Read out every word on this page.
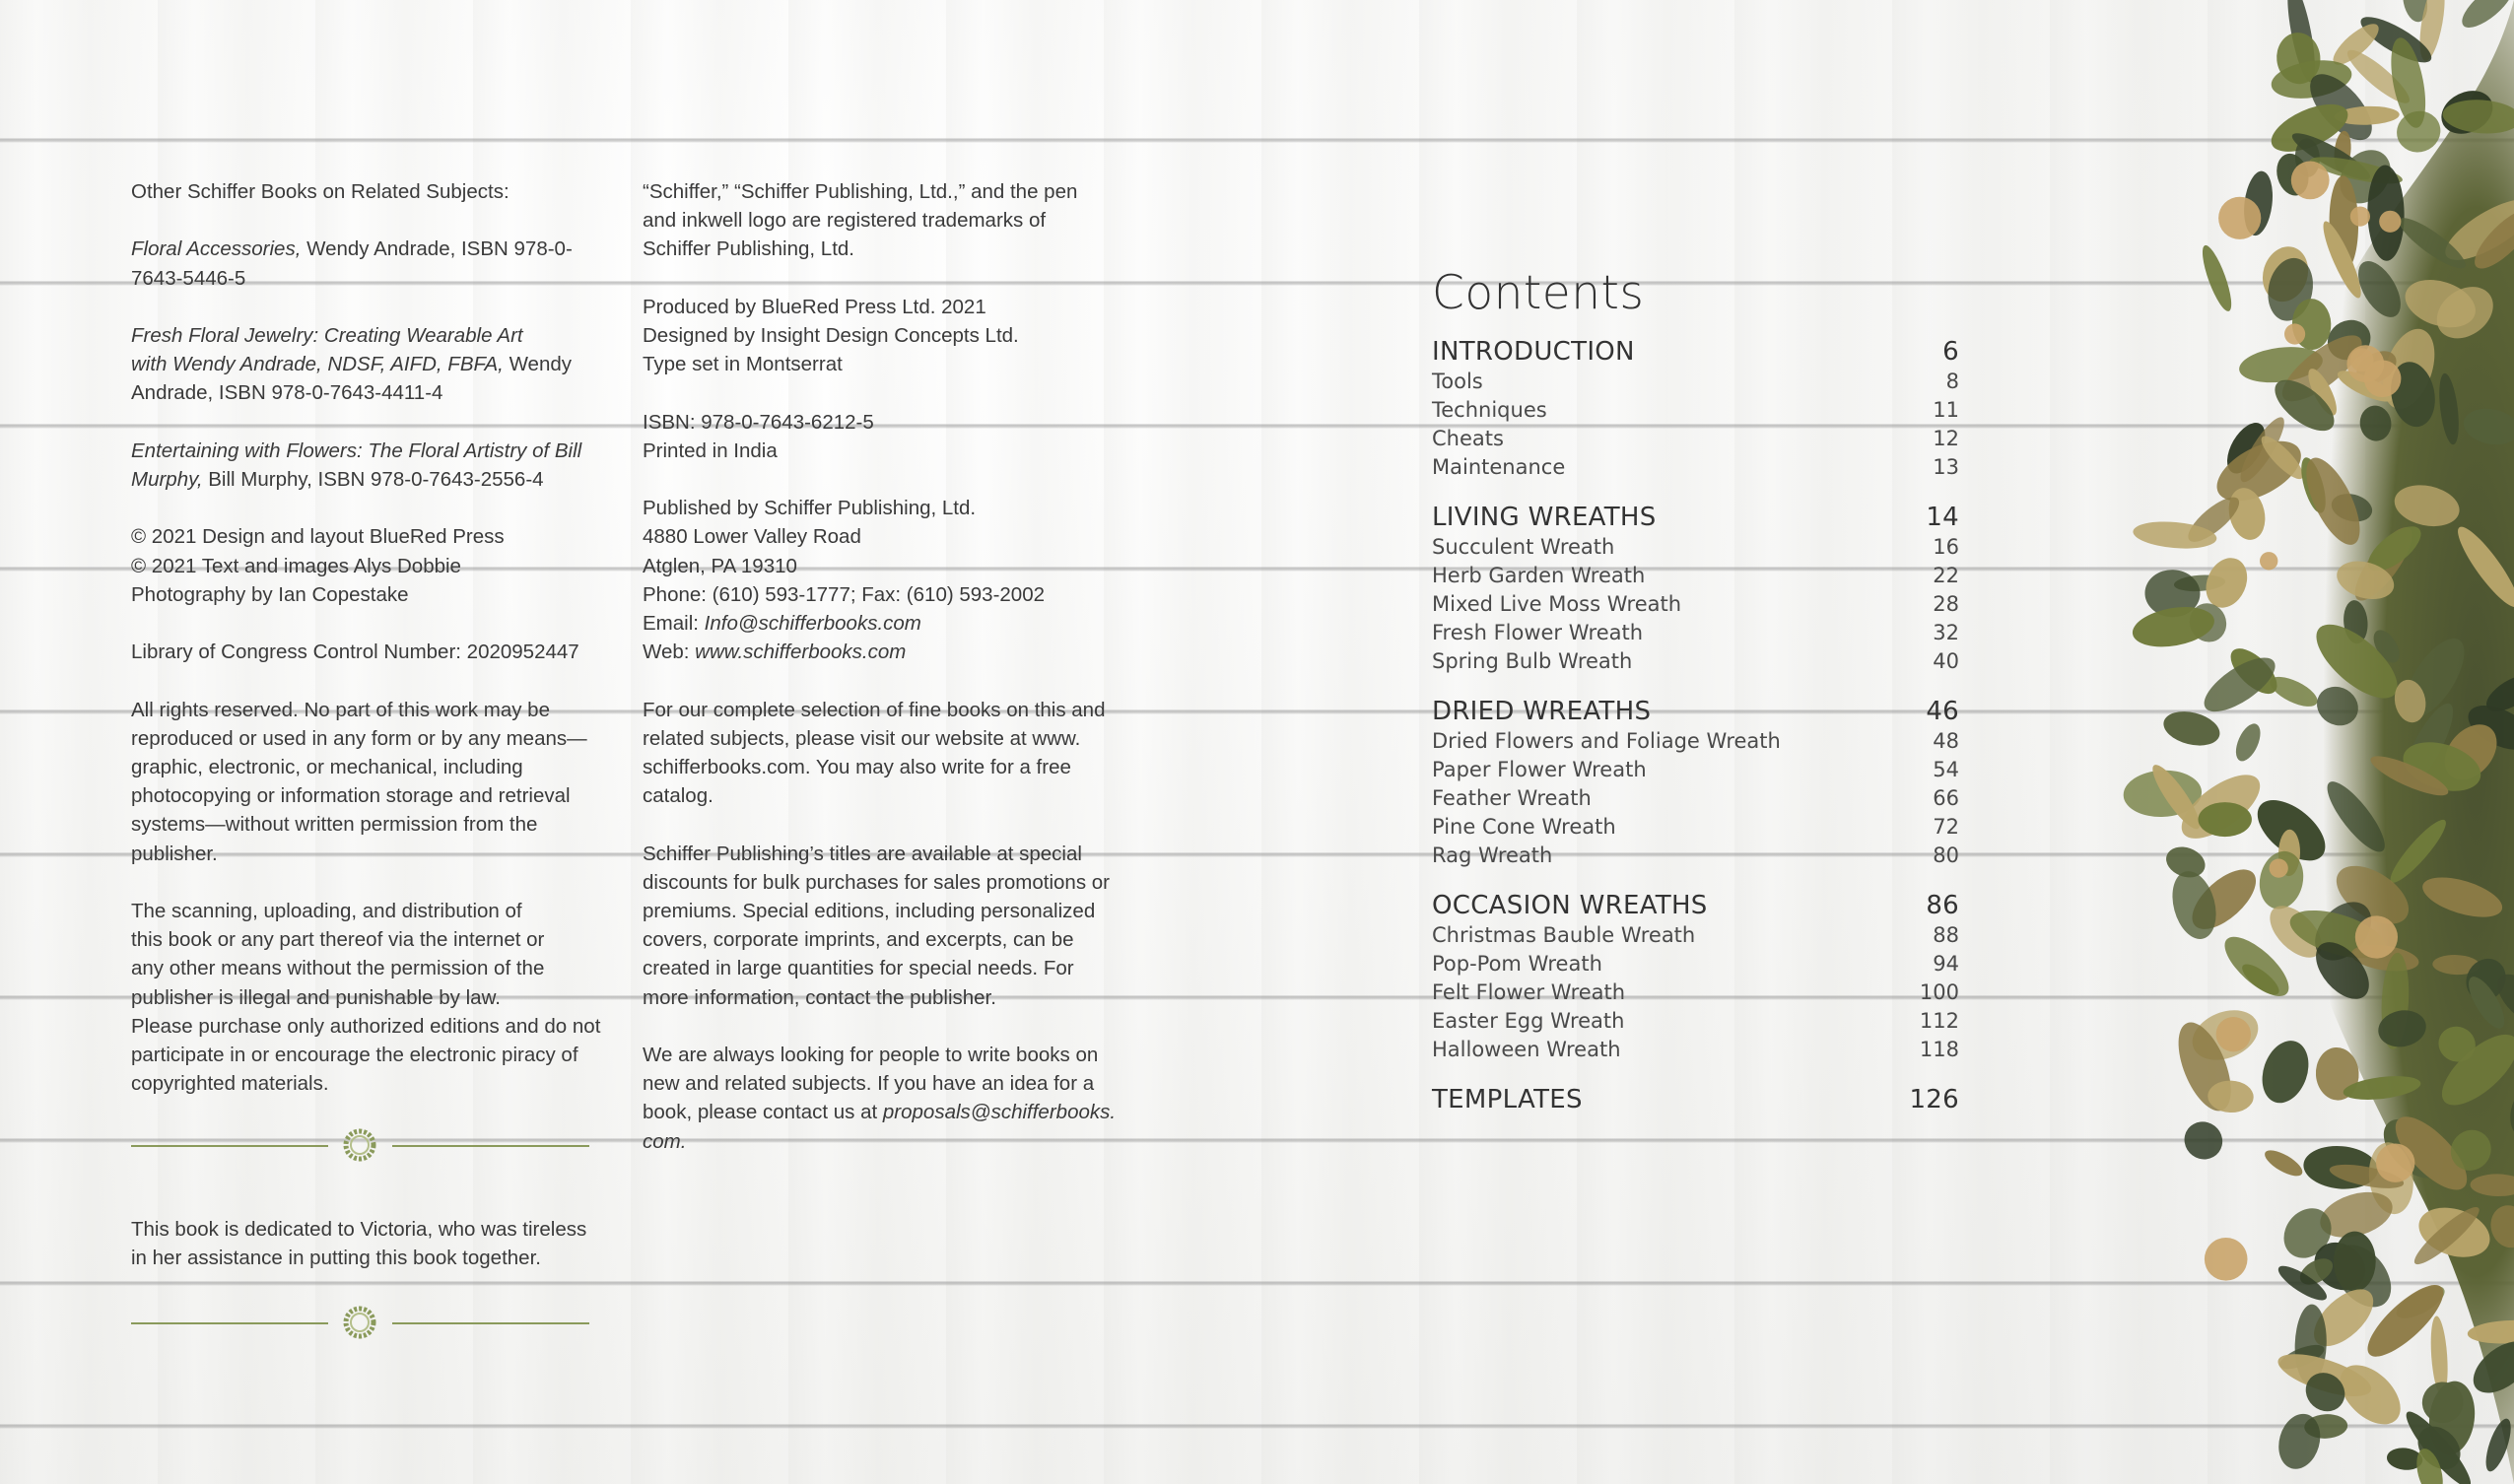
Other Schiffer Books on Related Subjects:

Floral Accessories, Wendy Andrade, ISBN 978-0-
7643-5446-5

Fresh Floral Jewelry: Creating Wearable Art
with Wendy Andrade, NDSF, AIFD, FBFA, Wendy
Andrade, ISBN 978-0-7643-4411-4

Entertaining with Flowers: The Floral Artistry of Bill
Murphy, Bill Murphy, ISBN 978-0-7643-2556-4

© 2021 Design and layout BlueRed Press
© 2021 Text and images Alys Dobbie
Photography by Ian Copestake

Library of Congress Control Number: 2020952447

All rights reserved. No part of this work may be
reproduced or used in any form or by any means—
graphic, electronic, or mechanical, including
photocopying or information storage and retrieval
systems—without written permission from the
publisher.

The scanning, uploading, and distribution of
this book or any part thereof via the internet or
any other means without the permission of the
publisher is illegal and punishable by law.
Please purchase only authorized editions and do not
participate in or encourage the electronic piracy of
copyrighted materials.

This book is dedicated to Victoria, who was tireless
in her assistance in putting this book together.

“Schiffer,” “Schiffer Publishing, Ltd.,” and the pen
and inkwell logo are registered trademarks of
Schiffer Publishing, Ltd.

Produced by BlueRed Press Ltd. 2021
Designed by Insight Design Concepts Ltd.
Type set in Montserrat

ISBN: 978-0-7643-6212-5
Printed in India

Published by Schiffer Publishing, Ltd.
4880 Lower Valley Road
Atglen, PA 19310
Phone: (610) 593-1777; Fax: (610) 593-2002
Email: Info@schifferbooks.com
Web: www.schifferbooks.com

For our complete selection of fine books on this and
related subjects, please visit our website at www.
schifferbooks.com. You may also write for a free
catalog.

Schiffer Publishing’s titles are available at special
discounts for bulk purchases for sales promotions or
premiums. Special editions, including personalized
covers, corporate imprints, and excerpts, can be
created in large quantities for special needs. For
more information, contact the publisher.

We are always looking for people to write books on
new and related subjects. If you have an idea for a
book, please contact us at proposals@schifferbooks.
com.

Contents
INTRODUCTION	6
Tools	8
Techniques	11
Cheats	12
Maintenance	13
LIVING WREATHS	14
Succulent Wreath	16
Herb Garden Wreath	22
Mixed Live Moss Wreath	28
Fresh Flower Wreath	32
Spring Bulb Wreath	40
DRIED WREATHS	46
Dried Flowers and Foliage Wreath	48
Paper Flower Wreath	54
Feather Wreath	66
Pine Cone Wreath	72
Rag Wreath	80
OCCASION WREATHS	86
Christmas Bauble Wreath	88
Pop-Pom Wreath	94
Felt Flower Wreath	100
Easter Egg Wreath	112
Halloween Wreath	118
TEMPLATES	126
